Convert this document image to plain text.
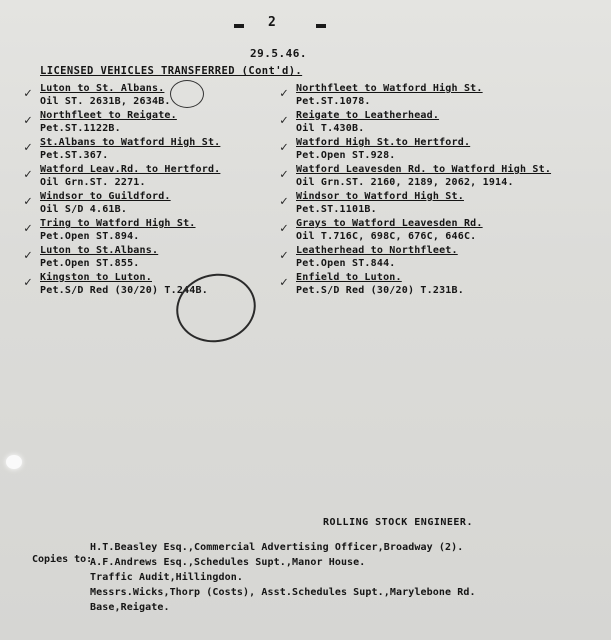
2
29.5.46.
LICENSED VEHICLES TRANSFERRED (Cont'd).
✓ Luton to St. Albans.
Oil ST. 2631B, 2634B.
✓ Northfleet to Reigate.
Pet.ST.1122B.
✓ St.Albans to Watford High St.
Pet.ST.367.
✓ Watford Leav.Rd. to Hertford.
Oil Grn.ST. 2271.
✓ Windsor to Guildford.
Oil S/D 4.61B.
✓ Tring to Watford High St.
Pet.Open ST.894.
✓ Luton to St.Albans.
Pet.Open ST.855.
✓ Kingston to Luton.
Pet.S/D Red (30/20) T.244B.
✓ Northfleet to Watford High St.
Pet.ST.1078.
✓ Reigate to Leatherhead.
Oil T.430B.
✓ Watford High St.to Hertford.
Pet.Open ST.928.
✓ Watford Leavesden Rd. to Watford High St.
Oil Grn.ST. 2160, 2189, 2062, 1914.
✓ Windsor to Watford High St.
Pet.ST.1101B.
✓ Grays to Watford Leavesden Rd.
Oil T.716C, 698C, 676C, 646C.
✓ Leatherhead to Northfleet.
Pet.Open ST.844.
✓ Enfield to Luton.
Pet.S/D Red (30/20) T.231B.
ROLLING STOCK ENGINEER.
Copies to:
H.T.Beasley Esq.,Commercial Advertising Officer,Broadway (2).
A.F.Andrews Esq.,Schedules Supt.,Manor House.
Traffic Audit,Hillingdon.
Messrs.Wicks,Thorp (Costs), Asst.Schedules Supt.,Marylebone Rd.
Base,Reigate.
